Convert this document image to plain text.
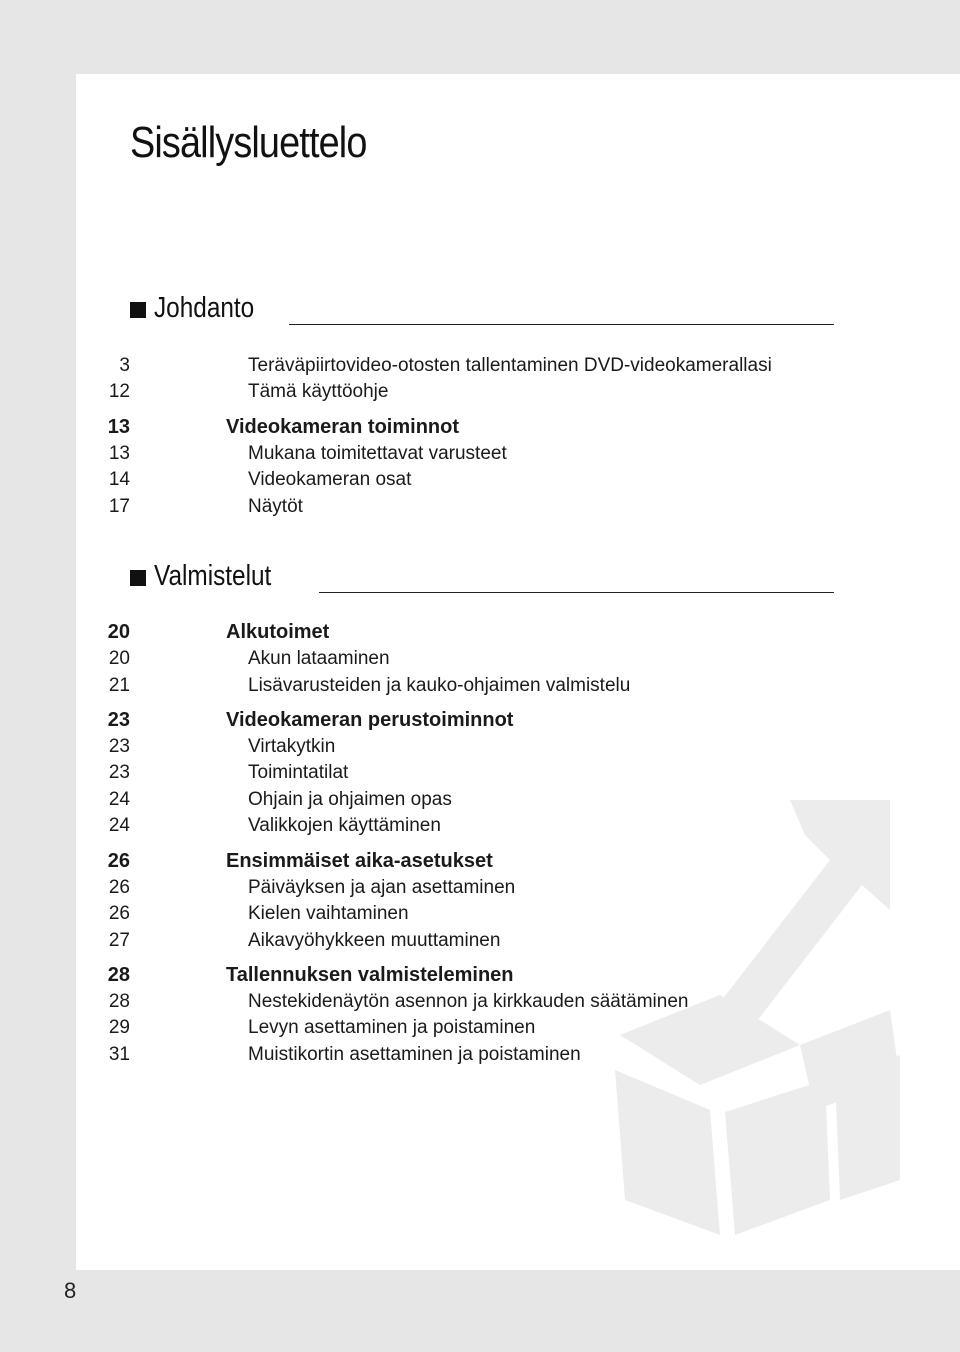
Sisällysluettelo
Johdanto
3	Teräväpiirtovideo-otosten tallentaminen DVD-videokamerallasi
12	Tämä käyttöohje
13	Videokameran toiminnot
13	Mukana toimitettavat varusteet
14	Videokameran osat
17	Näytöt
Valmistelut
20	Alkutoimet
20	Akun lataaminen
21	Lisävarusteiden ja kauko-ohjaimen valmistelu
23	Videokameran perustoiminnot
23	Virtakytkin
23	Toimintatilat
24	Ohjain ja ohjaimen opas
24	Valikkojen käyttäminen
26	Ensimmäiset aika-asetukset
26	Päiväyksen ja ajan asettaminen
26	Kielen vaihtaminen
27	Aikavyöhykkeen muuttaminen
28	Tallennuksen valmisteleminen
28	Nestekidenäytön asennon ja kirkkauden säätäminen
29	Levyn asettaminen ja poistaminen
31	Muistikortin asettaminen ja poistaminen
8
